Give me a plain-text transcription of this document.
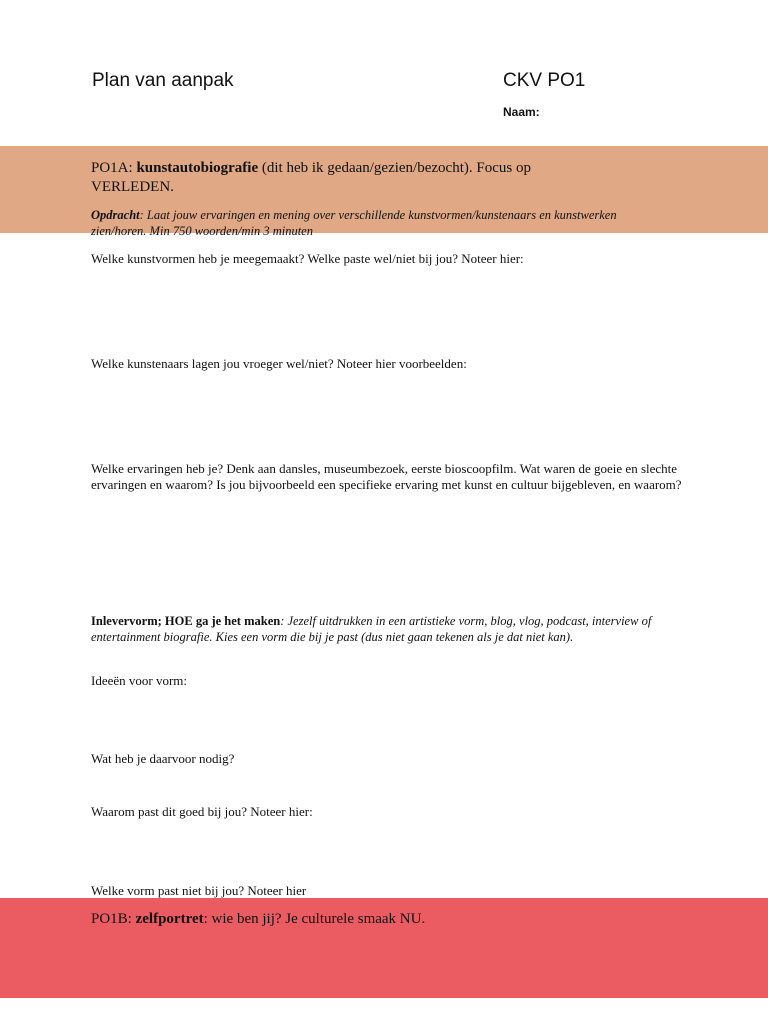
Plan van aanpak	CKV PO1
Naam:
PO1A: kunstautobiografie (dit heb ik gedaan/gezien/bezocht). Focus op VERLEDEN.
Opdracht: Laat jouw ervaringen en mening over verschillende kunstvormen/kunstenaars en kunstwerken zien/horen. Min 750 woorden/min 3 minuten
Welke kunstvormen heb je meegemaakt? Welke paste wel/niet bij jou? Noteer hier:
Welke kunstenaars lagen jou vroeger wel/niet? Noteer hier voorbeelden:
Welke ervaringen heb je? Denk aan dansles, museumbezoek, eerste bioscoopfilm. Wat waren de goeie en slechte ervaringen en waarom? Is jou bijvoorbeeld een specifieke ervaring met kunst en cultuur bijgebleven, en waarom?
Inlevervorm; HOE ga je het maken: Jezelf uitdrukken in een artistieke vorm, blog, vlog, podcast, interview of entertainment biografie. Kies een vorm die bij je past (dus niet gaan tekenen als je dat niet kan).
Ideeën voor vorm:
Wat heb je daarvoor nodig?
Waarom past dit goed bij jou? Noteer hier:
Welke vorm past niet bij jou? Noteer hier
PO1B: zelfportret: wie ben jij? Je culturele smaak NU.
